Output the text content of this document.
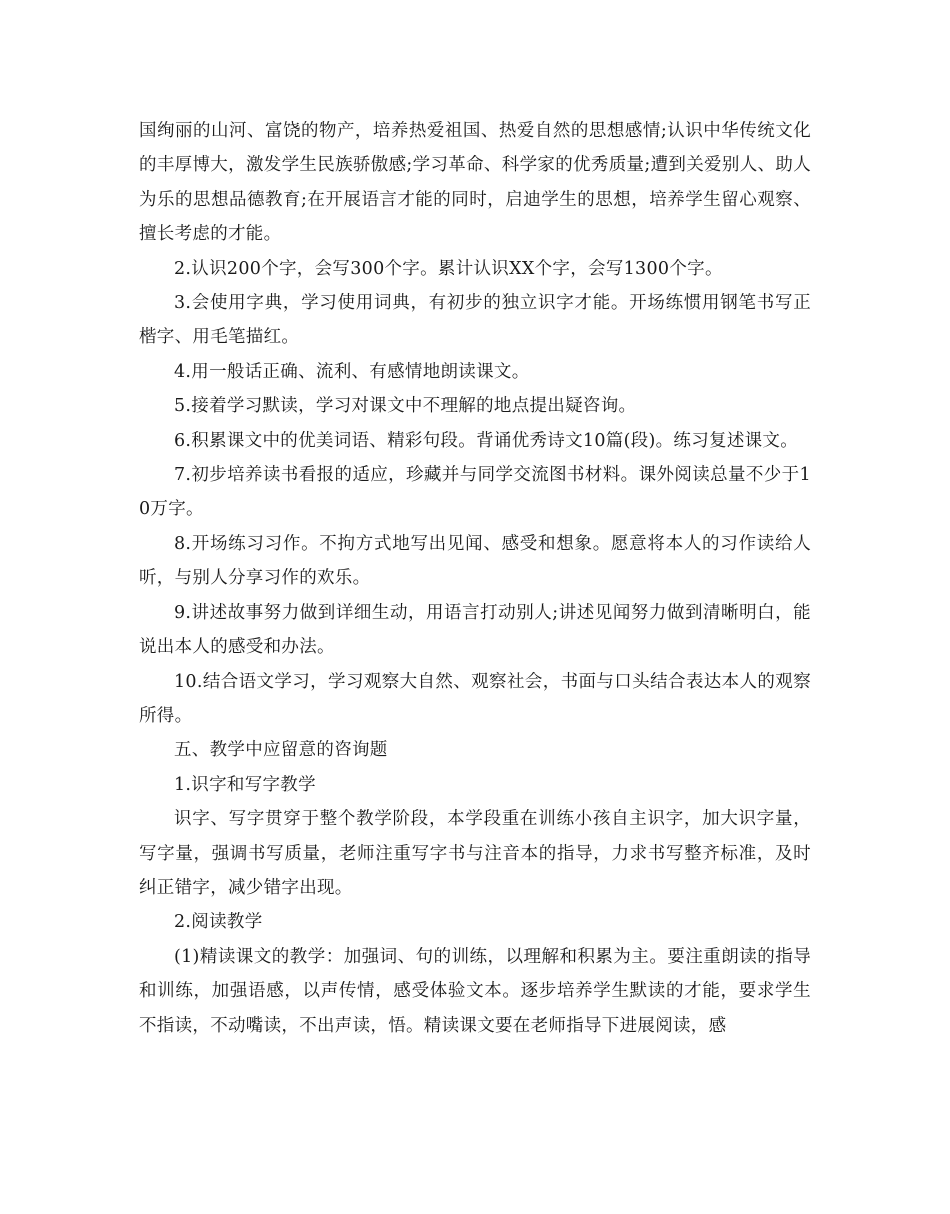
国绚丽的山河、富饶的物产，培养热爱祖国、热爱自然的思想感情;认识中华传统文化的丰厚博大，激发学生民族骄傲感;学习革命、科学家的优秀质量;遭到关爱别人、助人为乐的思想品德教育;在开展语言才能的同时，启迪学生的思想，培养学生留心观察、擅长考虑的才能。

2.认识200个字，会写300个字。累计认识XX个字，会写1300个字。

3.会使用字典，学习使用词典，有初步的独立识字才能。开场练惯用钢笔书写正楷字、用毛笔描红。

4.用一般话正确、流利、有感情地朗读课文。

5.接着学习默读，学习对课文中不理解的地点提出疑咨询。

6.积累课文中的优美词语、精彩句段。背诵优秀诗文10篇(段)。练习复述课文。

7.初步培养读书看报的适应，珍藏并与同学交流图书材料。课外阅读总量不少于10万字。

8.开场练习习作。不拘方式地写出见闻、感受和想象。愿意将本人的习作读给人听，与别人分享习作的欢乐。

9.讲述故事努力做到详细生动，用语言打动别人;讲述见闻努力做到清晰明白，能说出本人的感受和办法。

10.结合语文学习，学习观察大自然、观察社会，书面与口头结合表达本人的观察所得。

五、教学中应留意的咨询题

1.识字和写字教学

识字、写字贯穿于整个教学阶段，本学段重在训练小孩自主识字，加大识字量，写字量，强调书写质量，老师注重写字书与注音本的指导，力求书写整齐标准，及时纠正错字，减少错字出现。

2.阅读教学

(1)精读课文的教学：加强词、句的训练，以理解和积累为主。要注重朗读的指导和训练，加强语感，以声传情，感受体验文本。逐步培养学生默读的才能，要求学生不指读，不动嘴读，不出声读，悟。精读课文要在老师指导下进展阅读，感
